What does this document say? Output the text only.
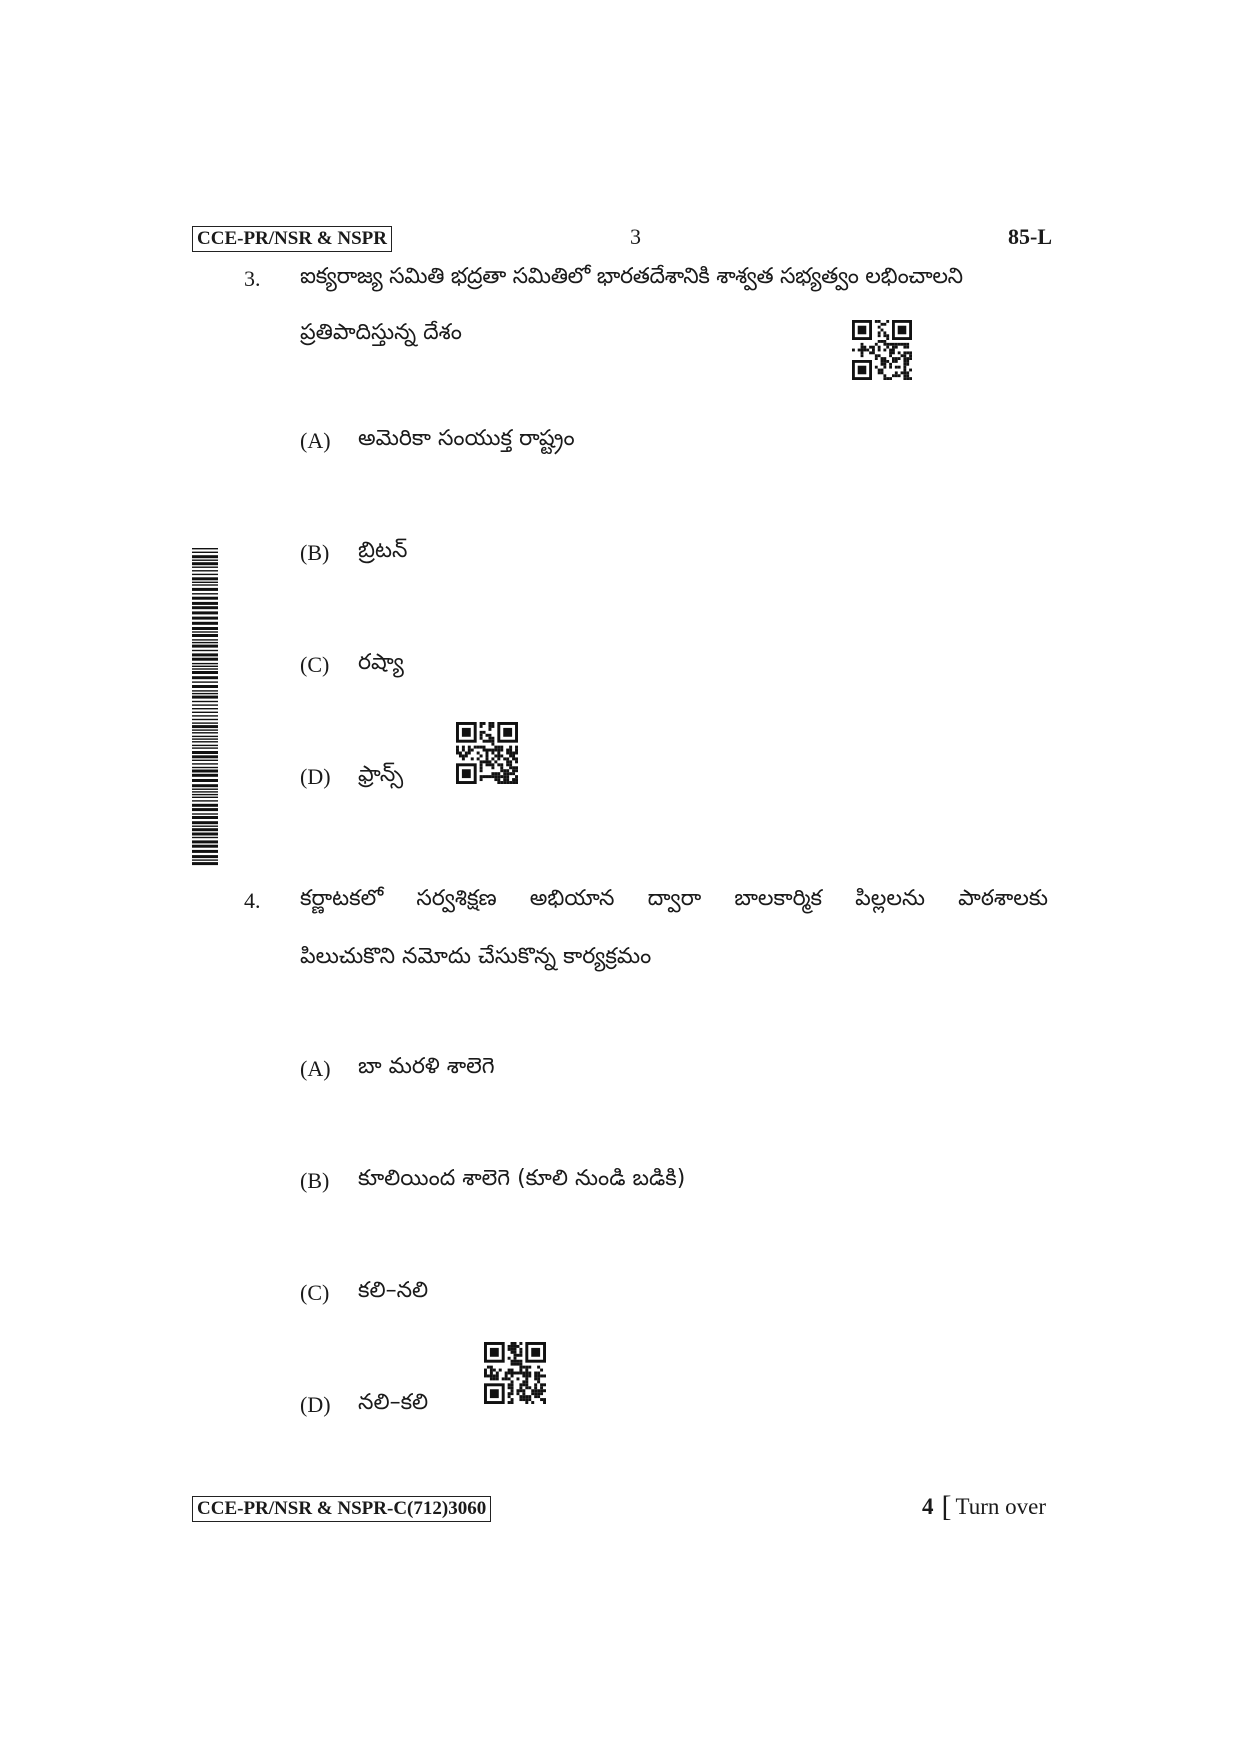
CCE-PR/NSR & NSPR	3	85-L
3. ఐక్యరాజ్య సమితి భద్రతా సమితిలో భారతదేశానికి శాశ్వత సభ్యత్వం లభించాలని
ప్రతిపాదిస్తున్న దేశం
(A) అమెరికా సంయుక్త రాష్ట్రం
(B) బ్రిటన్
(C) రష్యా
(D) ఫ్రాన్స్
4. కర్ణాటకలో సర్వశిక్షణ అభియాన ద్వారా బాలకార్మిక పిల్లలను పాఠశాలకు
పిలుచుకొని నమోదు చేసుకొన్న కార్యక్రమం
(A) బా మరళి శాలెగె
(B) కూలియింద శాలెగె (కూలి నుండి బడికి)
(C) కలి–నలి
(D) నలి–కలి
CCE-PR/NSR & NSPR-C(712)3060	4 [ Turn over
